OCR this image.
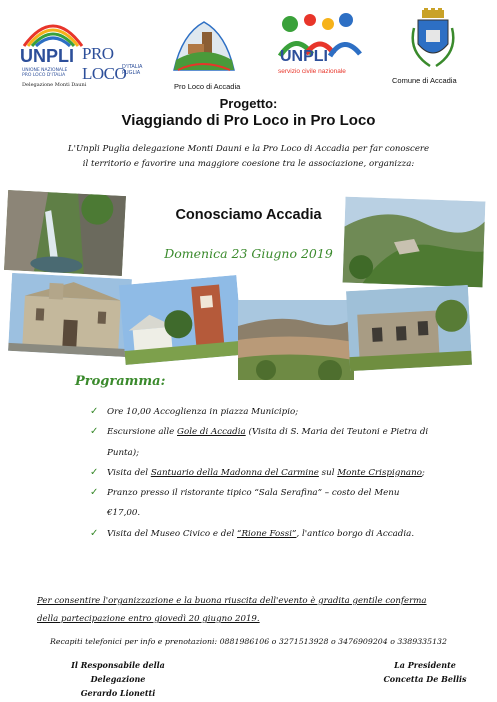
UNPLI
UNIONE NAZIONALE
PRO LOCO D'ITALIA
Delegazione Monti Dauni
PRO LOCO
D'ITALIA
PUGLIA
Pro Loco di Accadia
UNPLI
servizio civile nazionale
Comune di Accadia
Progetto:
Viaggiando di Pro Loco in Pro Loco
L'Unpli Puglia delegazione Monti Dauni e la Pro Loco di Accadia per far conoscere
il territorio e favorire una maggiore coesione tra le associazione, organizza:
Conosciamo Accadia
Domenica 23 Giugno 2019
Programma:
✓ Ore 10,00 Accoglienza in piazza Municipio;
✓ Escursione alle Gole di Accadia (Visita di S. Maria dei Teutoni e Pietra di Punta);
✓ Visita del Santuario della Madonna del Carmine sul Monte Crispignano;
✓ Pranzo presso il ristorante tipico “Sala Serafina” – costo del Menu €17,00.
✓ Visita del Museo Civico e del “Rione Fossi”, l'antico borgo di Accadia.
Per consentire l'organizzazione e la buona riuscita dell'evento è gradita gentile conferma
della partecipazione entro giovedì 20 giugno 2019.
Recapiti telefonici per info e prenotazioni: 0881986106 o 3271513928 o 3476909204 o 3389335132
Il Responsabile della Delegazione
Gerardo Lionetti
La Presidente
Concetta De Bellis
